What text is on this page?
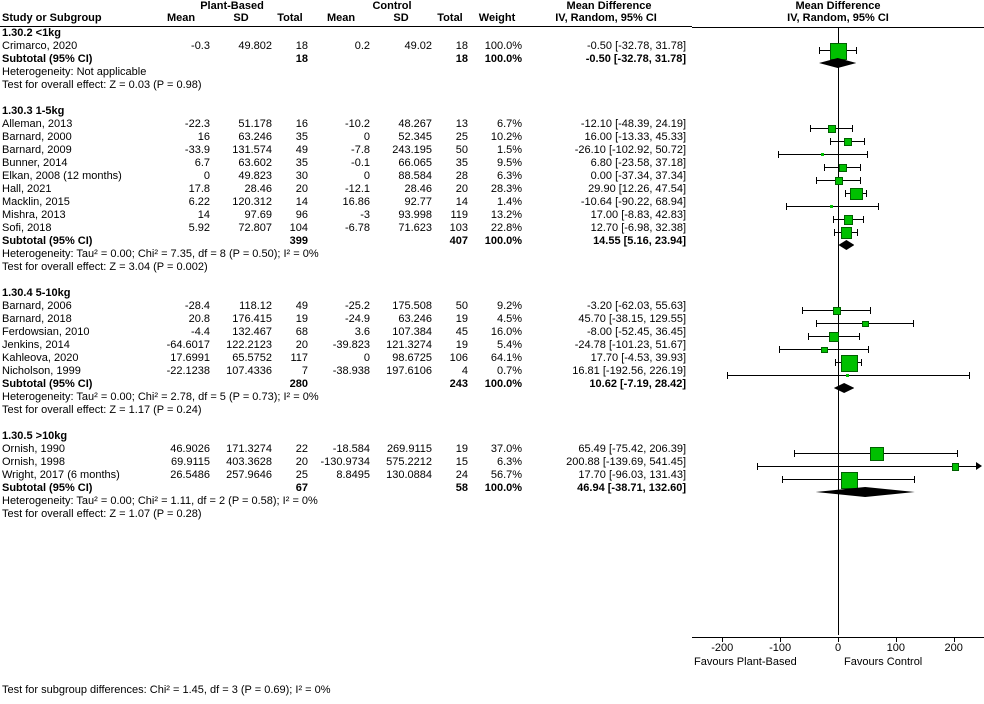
	Plant-Based			Control				Mean Difference
Study or Subgroup	Mean	SD	Total	Mean	SD	Total	Weight	IV, Random, 95% CI

1.30.2 <1kg								
Crimarco, 2020	-0.3	49.802	18	0.2	49.02	18	100.0%	-0.50 [-32.78, 31.78]
Subtotal (95% CI)			18			18	100.0%	-0.50 [-32.78, 31.78]
Heterogeneity: Not applicable								
Test for overall effect: Z = 0.03 (P = 0.98)								

1.30.3 1-5kg								
Alleman, 2013	-22.3	51.178	16	-10.2	48.267	13	6.7%	-12.10 [-48.39, 24.19]
Barnard, 2000	16	63.246	35	0	52.345	25	10.2%	16.00 [-13.33, 45.33]
Barnard, 2009	-33.9	131.574	49	-7.8	243.195	50	1.5%	-26.10 [-102.92, 50.72]
Bunner, 2014	6.7	63.602	35	-0.1	66.065	35	9.5%	6.80 [-23.58, 37.18]
Elkan, 2008 (12 months)	0	49.823	30	0	88.584	28	6.3%	0.00 [-37.34, 37.34]
Hall, 2021	17.8	28.46	20	-12.1	28.46	20	28.3%	29.90 [12.26, 47.54]
Macklin, 2015	6.22	120.312	14	16.86	92.77	14	1.4%	-10.64 [-90.22, 68.94]
Mishra, 2013	14	97.69	96	-3	93.998	119	13.2%	17.00 [-8.83, 42.83]
Sofi, 2018	5.92	72.807	104	-6.78	71.623	103	22.8%	12.70 [-6.98, 32.38]
Subtotal (95% CI)			399			407	100.0%	14.55 [5.16, 23.94]
Heterogeneity: Tau² = 0.00; Chi² = 7.35, df = 8 (P = 0.50); I² = 0%								
Test for overall effect: Z = 3.04 (P = 0.002)								

1.30.4 5-10kg								
Barnard, 2006	-28.4	118.12	49	-25.2	175.508	50	9.2%	-3.20 [-62.03, 55.63]
Barnard, 2018	20.8	176.415	19	-24.9	63.246	19	4.5%	45.70 [-38.15, 129.55]
Ferdowsian, 2010	-4.4	132.467	68	3.6	107.384	45	16.0%	-8.00 [-52.45, 36.45]
Jenkins, 2014	-64.6017	122.2123	20	-39.823	121.3274	19	5.4%	-24.78 [-101.23, 51.67]
Kahleova, 2020	17.6991	65.5752	117	0	98.6725	106	64.1%	17.70 [-4.53, 39.93]
Nicholson, 1999	-22.1238	107.4336	7	-38.938	197.6106	4	0.7%	16.81 [-192.56, 226.19]
Subtotal (95% CI)			280			243	100.0%	10.62 [-7.19, 28.42]
Heterogeneity: Tau² = 0.00; Chi² = 2.78, df = 5 (P = 0.73); I² = 0%								
Test for overall effect: Z = 1.17 (P = 0.24)								

1.30.5 >10kg								
Ornish, 1990	46.9026	171.3274	22	-18.584	269.9115	19	37.0%	65.49 [-75.42, 206.39]
Ornish, 1998	69.9115	403.3628	20	-130.9734	575.2212	15	6.3%	200.88 [-139.69, 541.45]
Wright, 2017 (6 months)	26.5486	257.9646	25	8.8495	130.0884	24	56.7%	17.70 [-96.03, 131.43]
Subtotal (95% CI)			67			58	100.0%	46.94 [-38.71, 132.60]
Heterogeneity: Tau² = 0.00; Chi² = 1.11, df = 2 (P = 0.58); I² = 0%								
Test for overall effect: Z = 1.07 (P = 0.28)								

Mean Difference
IV, Random, 95% CI
-200	-100	0	100	200
Favours Plant-Based	Favours Control
Test for subgroup differences: Chi² = 1.45, df = 3 (P = 0.69); I² = 0%
